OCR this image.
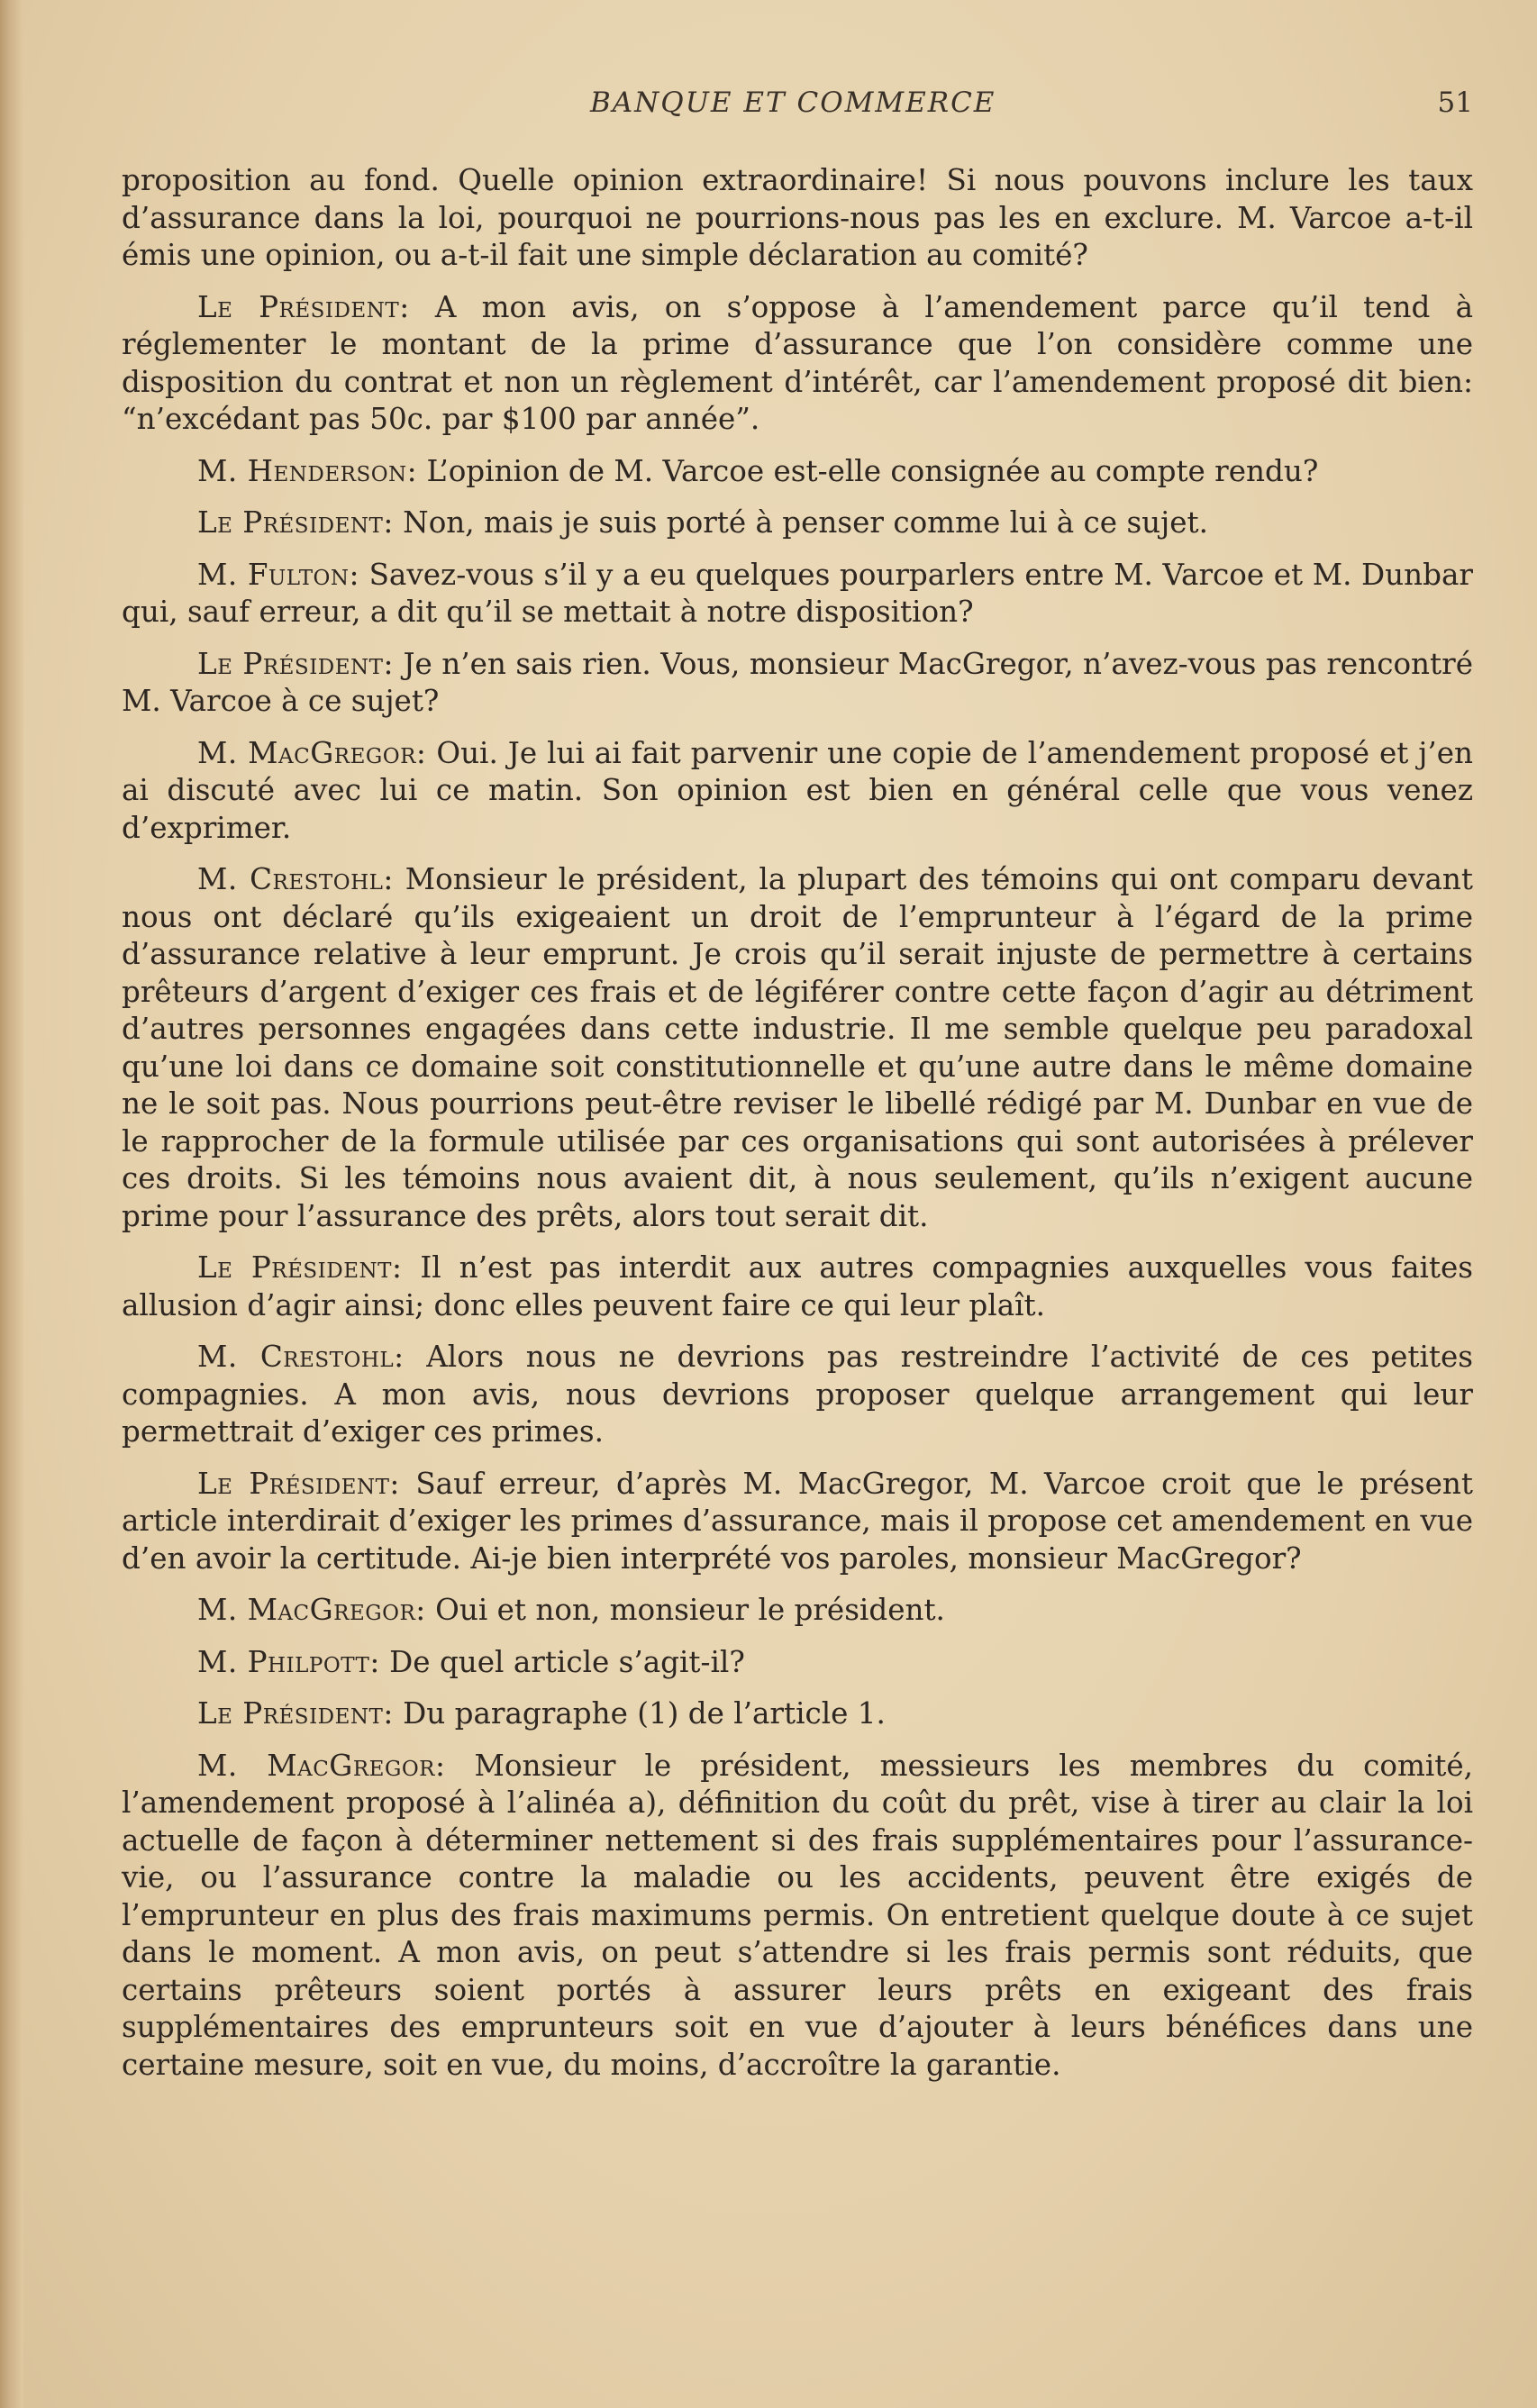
BANQUE ET COMMERCE	51

proposition au fond. Quelle opinion extraordinaire! Si nous pouvons inclure les taux d’assurance dans la loi, pourquoi ne pourrions-nous pas les en exclure. M. Varcoe a-t-il émis une opinion, ou a-t-il fait une simple déclaration au comité?

Le Président: A mon avis, on s’oppose à l’amendement parce qu’il tend à réglementer le montant de la prime d’assurance que l’on considère comme une disposition du contrat et non un règlement d’intérêt, car l’amendement proposé dit bien: “n’excédant pas 50c. par $100 par année”.

M. Henderson: L’opinion de M. Varcoe est-elle consignée au compte rendu?

Le Président: Non, mais je suis porté à penser comme lui à ce sujet.

M. Fulton: Savez-vous s’il y a eu quelques pourparlers entre M. Varcoe et M. Dunbar qui, sauf erreur, a dit qu’il se mettait à notre disposition?

Le Président: Je n’en sais rien. Vous, monsieur MacGregor, n’avez-vous pas rencontré M. Varcoe à ce sujet?

M. MacGregor: Oui. Je lui ai fait parvenir une copie de l’amendement proposé et j’en ai discuté avec lui ce matin. Son opinion est bien en général celle que vous venez d’exprimer.

M. Crestohl: Monsieur le président, la plupart des témoins qui ont comparu devant nous ont déclaré qu’ils exigeaient un droit de l’emprunteur à l’égard de la prime d’assurance relative à leur emprunt. Je crois qu’il serait injuste de permettre à certains prêteurs d’argent d’exiger ces frais et de légiférer contre cette façon d’agir au détriment d’autres personnes engagées dans cette industrie. Il me semble quelque peu paradoxal qu’une loi dans ce domaine soit constitutionnelle et qu’une autre dans le même domaine ne le soit pas. Nous pourrions peut-être reviser le libellé rédigé par M. Dunbar en vue de le rapprocher de la formule utilisée par ces organisations qui sont autorisées à prélever ces droits. Si les témoins nous avaient dit, à nous seulement, qu’ils n’exigent aucune prime pour l’assurance des prêts, alors tout serait dit.

Le Président: Il n’est pas interdit aux autres compagnies auxquelles vous faites allusion d’agir ainsi; donc elles peuvent faire ce qui leur plaît.

M. Crestohl: Alors nous ne devrions pas restreindre l’activité de ces petites compagnies. A mon avis, nous devrions proposer quelque arrangement qui leur permettrait d’exiger ces primes.

Le Président: Sauf erreur, d’après M. MacGregor, M. Varcoe croit que le présent article interdirait d’exiger les primes d’assurance, mais il propose cet amendement en vue d’en avoir la certitude. Ai-je bien interprété vos paroles, monsieur MacGregor?

M. MacGregor: Oui et non, monsieur le président.

M. Philpott: De quel article s’agit-il?

Le Président: Du paragraphe (1) de l’article 1.

M. MacGregor: Monsieur le président, messieurs les membres du comité, l’amendement proposé à l’alinéa a), définition du coût du prêt, vise à tirer au clair la loi actuelle de façon à déterminer nettement si des frais supplémentaires pour l’assurance-vie, ou l’assurance contre la maladie ou les accidents, peuvent être exigés de l’emprunteur en plus des frais maximums permis. On entretient quelque doute à ce sujet dans le moment. A mon avis, on peut s’attendre si les frais permis sont réduits, que certains prêteurs soient portés à assurer leurs prêts en exigeant des frais supplémentaires des emprunteurs soit en vue d’ajouter à leurs bénéfices dans une certaine mesure, soit en vue, du moins, d’accroître la garantie.
